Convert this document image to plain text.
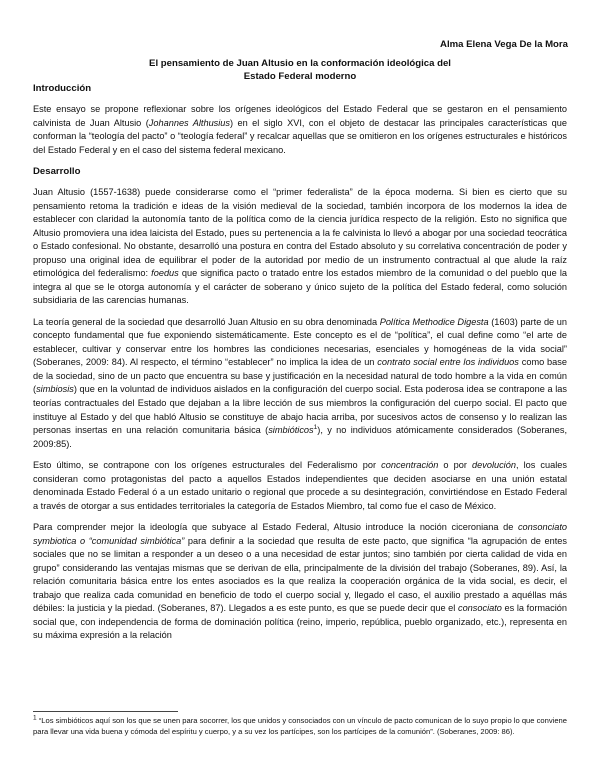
Alma Elena Vega De la Mora
El pensamiento de Juan Altusio en la conformación ideológica del
Estado Federal moderno
Introducción

Este ensayo se propone reflexionar sobre los orígenes ideológicos del Estado Federal que se gestaron en el pensamiento calvinista de Juan Altusio (Johannes Althusius) en el siglo XVI, con el objeto de destacar las principales características que conforman la “teología del pacto” o “teología federal” y recalcar aquellas que se omitieron en los orígenes estructurales e históricos del Estado Federal y en el caso del sistema federal mexicano.

Desarrollo

Juan Altusio (1557-1638) puede considerarse como el “primer federalista” de la época moderna. Si bien es cierto que su pensamiento retoma la tradición e ideas de la visión medieval de la sociedad, también incorpora de los modernos la idea de establecer con claridad la autonomía tanto de la política como de la ciencia jurídica respecto de la religión. Esto no significa que Altusio promoviera una idea laicista del Estado, pues su pertenencia a la fe calvinista lo llevó a abogar por una sociedad teocrática o Estado confesional. No obstante, desarrolló una postura en contra del Estado absoluto y su correlativa concentración de poder y propuso una original idea de equilibrar el poder de la autoridad por medio de un instrumento contractual al que alude la raíz etimológica del federalismo: foedus que significa pacto o tratado entre los estados miembro de la comunidad o del pueblo que la integra al que se le otorga autonomía y el carácter de soberano y único sujeto de la política del Estado federal, como solución subsidiaria de las carencias humanas.

La teoría general de la sociedad que desarrolló Juan Altusio en su obra denominada Política Methodice Digesta (1603) parte de un concepto fundamental que fue exponiendo sistemáticamente. Este concepto es el de “política”, el cual define como “el arte de establecer, cultivar y conservar entre los hombres las condiciones necesarias, esenciales y homogéneas de la vida social” (Soberanes, 2009: 84). Al respecto, el término “establecer” no implica la idea de un contrato social entre los individuos como base de la sociedad, sino de un pacto que encuentra su base y justificación en la necesidad natural de todo hombre a la vida en común (simbiosis) que en la voluntad de individuos aislados en la configuración del cuerpo social. Esta poderosa idea se contrapone a las teorías contractuales del Estado que dejaban a la libre lección de sus miembros la configuración del cuerpo social. El pacto que instituye al Estado y del que habló Altusio se constituye de abajo hacia arriba, por sucesivos actos de consenso y lo realizan las personas insertas en una relación comunitaria básica (simbióticos$^1$), y no individuos atómicamente considerados (Soberanes, 2009:85).

Esto último, se contrapone con los orígenes estructurales del Federalismo por concentración o por devolución, los cuales consideran como protagonistas del pacto a aquellos Estados independientes que deciden asociarse en una unión estatal denominada Estado Federal ó a un estado unitario o regional que procede a su desintegración, convirtiéndose en Estado Federal a través de otorgar a sus entidades territoriales la categoría de Estados Miembro, tal como fue el caso de México.

Para comprender mejor la ideología que subyace al Estado Federal, Altusio introduce la noción ciceroniana de consonciato symbiotica o “comunidad simbiótica” para definir a la sociedad que resulta de este pacto, que significa “la agrupación de entes sociales que no se limitan a responder a un deseo o a una necesidad de estar juntos; sino también por cierta calidad de vida en grupo” considerando las ventajas mismas que se derivan de ella, principalmente de la división del trabajo (Soberanes, 89). Así, la relación comunitaria básica entre los entes asociados es la que realiza la cooperación orgánica de la vida social, es decir, el trabajo que realiza cada comunidad en beneficio de todo el cuerpo social y, llegado el caso, el auxilio prestado a aquéllas más débiles: la justicia y la piedad. (Soberanes, 87). Llegados a es este punto, es que se puede decir que el consociato es la formación social que, con independencia de forma de dominación política (reino, imperio, república, pueblo organizado, etc.), representa en su máxima expresión a la relación

$^1$ “Los simbióticos aquí son los que se unen para socorrer, los que unidos y consociados con un vínculo de pacto comunican de lo suyo propio lo que conviene para llevar una vida buena y cómoda del espíritu y cuerpo, y a su vez los partícipes, son los partícipes de la comunión”. (Soberanes, 2009: 86).
